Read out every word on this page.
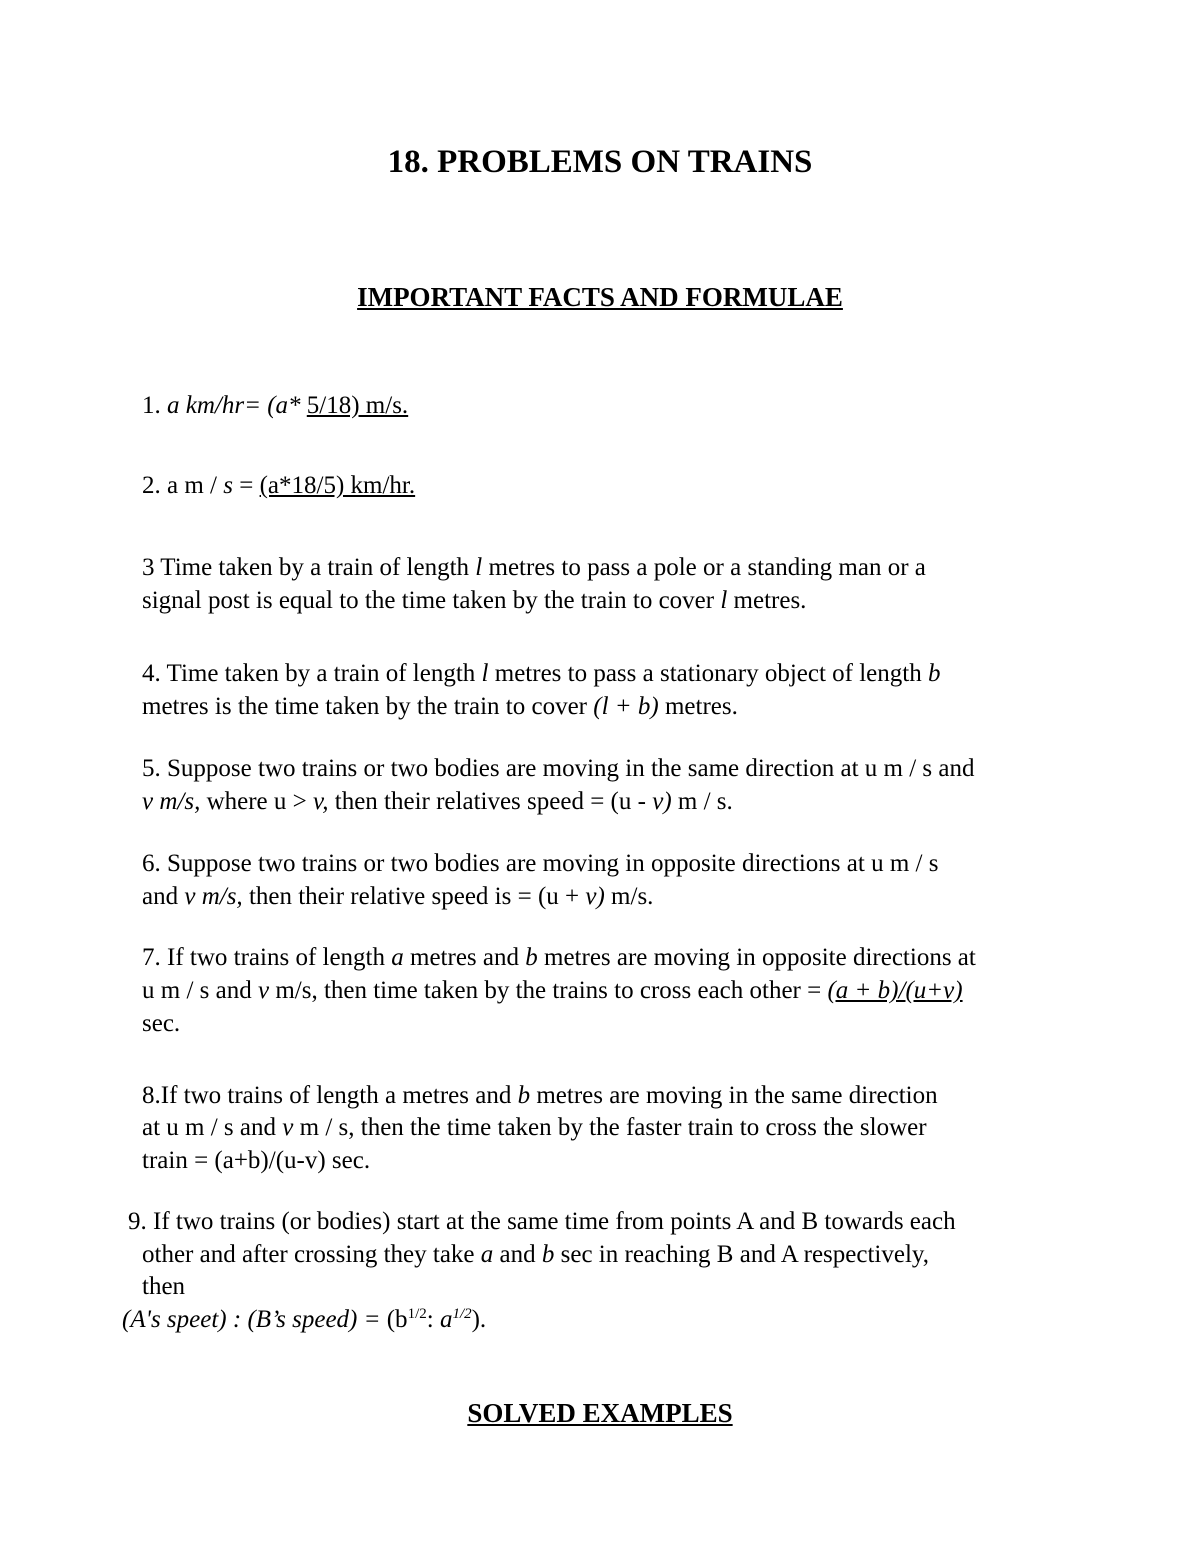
18. PROBLEMS ON TRAINS
IMPORTANT FACTS AND FORMULAE
1. a km/hr= (a* 5/18) m/s.
2. a m / s = (a*18/5) km/hr.
3 Time taken by a train of length l metres to pass a pole or a standing man or a
signal post is equal to the time taken by the train to cover l metres.
4. Time taken by a train of length l metres to pass a stationary object of length b
metres is the time taken by the train to cover (l + b) metres.
5. Suppose two trains or two bodies are moving in the same direction at u m / s and
v m/s, where u > v, then their relatives speed = (u - v) m / s.
6. Suppose two trains or two bodies are moving in opposite directions at u m / s
and v m/s, then their relative speed is = (u + v) m/s.
7. If two trains of length a metres and b metres are moving in opposite directions at
u m / s and v m/s, then time taken by the trains to cross each other = (a + b)/(u+v)
sec.
8.If two trains of length a metres and b metres are moving in the same direction
at u m / s and v m / s, then the time taken by the faster train to cross the slower
train = (a+b)/(u-v) sec.
9. If two trains (or bodies) start at the same time from points A and B towards each
other and after crossing they take a and b sec in reaching B and A respectively,
then
(A's speet) : (B’s speed) = ($b^{1/2}$: $a^{1/2}$).
SOLVED EXAMPLES
